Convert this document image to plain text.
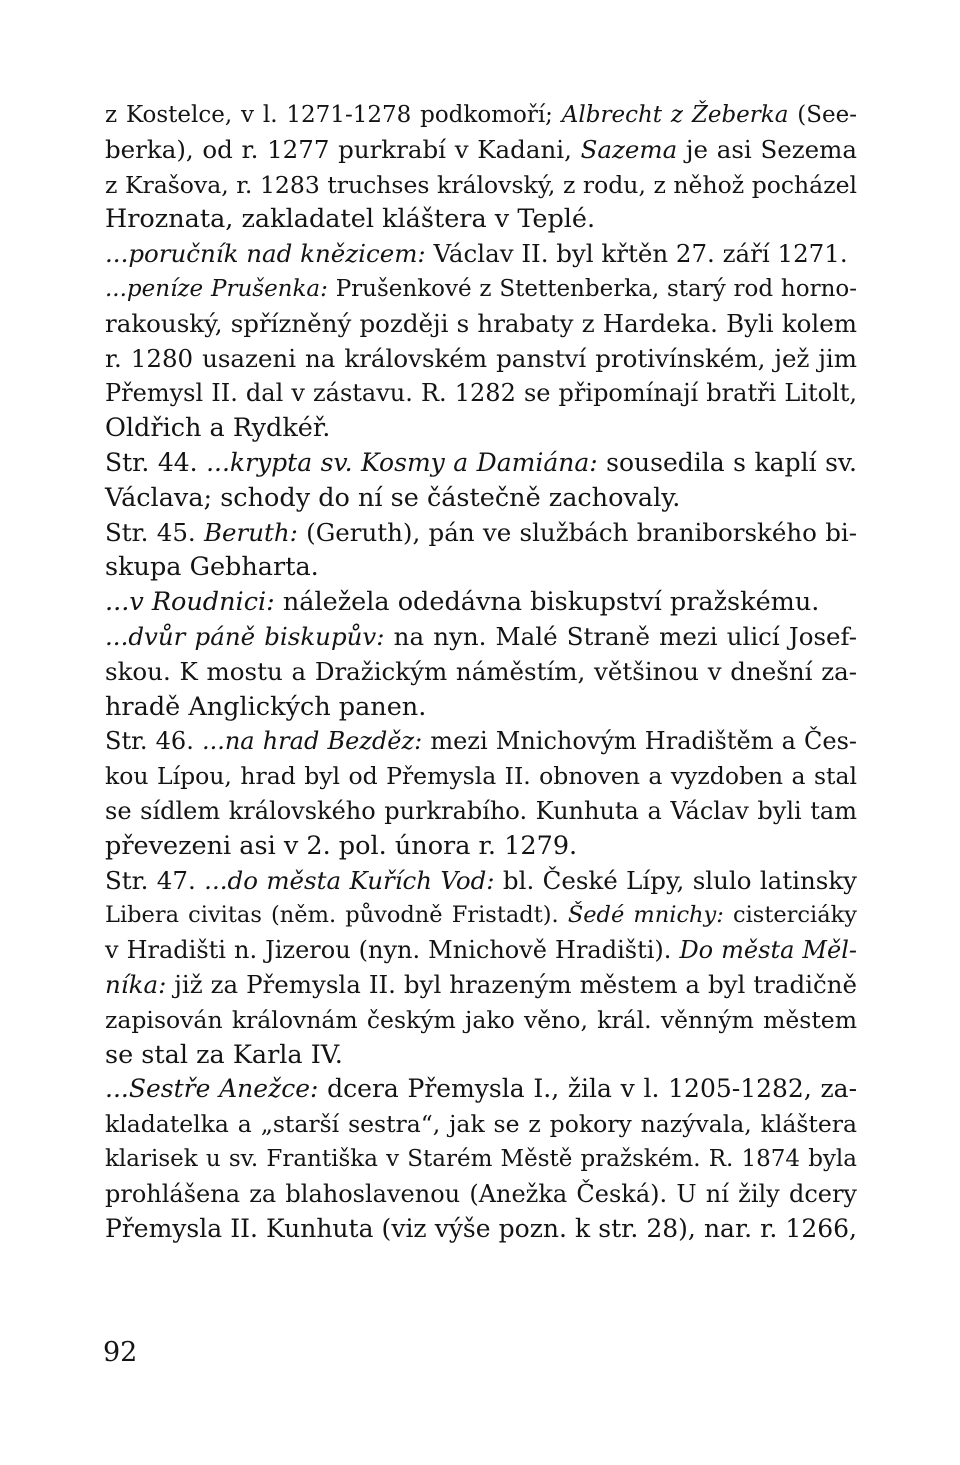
z Kostelce, v l. 1271-1278 podkomoří; Albrecht z Žeberka (See-
berka), od r. 1277 purkrabí v Kadani, Sazema je asi Sezema
z Krašova, r. 1283 truchses královský, z rodu, z něhož pocházel
Hroznata, zakladatel kláštera v Teplé.
...poručník nad knězicem: Václav II. byl křtěn 27. září 1271.
...peníze Prušenka: Prušenkové z Stettenberka, starý rod horno-
rakouský, spřízněný později s hrabaty z Hardeka. Byli kolem
r. 1280 usazeni na královském panství protivínském, jež jim
Přemysl II. dal v zástavu. R. 1282 se připomínají bratři Litolt,
Oldřich a Rydkéř.
Str. 44. ...krypta sv. Kosmy a Damiána: sousedila s kaplí sv.
Václava; schody do ní se částečně zachovaly.
Str. 45. Beruth: (Geruth), pán ve službách braniborského bi-
skupa Gebharta.
...v Roudnici: náležela odedávna biskupství pražskému.
...dvůr páně biskupův: na nyn. Malé Straně mezi ulicí Josef-
skou. K mostu a Dražickým náměstím, většinou v dnešní za-
hradě Anglických panen.
Str. 46. ...na hrad Bezděz: mezi Mnichovým Hradištěm a Čes-
kou Lípou, hrad byl od Přemysla II. obnoven a vyzdoben a stal
se sídlem královského purkrabího. Kunhuta a Václav byli tam
převezeni asi v 2. pol. února r. 1279.
Str. 47. ...do města Kuřích Vod: bl. České Lípy, slulo latinsky
Libera civitas (něm. původně Fristadt). Šedé mnichy: cisterciáky
v Hradišti n. Jizerou (nyn. Mnichově Hradišti). Do města Měl-
níka: již za Přemysla II. byl hrazeným městem a byl tradičně
zapisován královnám českým jako věno, král. věnným městem
se stal za Karla IV.
...Sestře Anežce: dcera Přemysla I., žila v l. 1205-1282, za-
kladatelka a „starší sestra“, jak se z pokory nazývala, kláštera
klarisek u sv. Františka v Starém Městě pražském. R. 1874 byla
prohlášena za blahoslavenou (Anežka Česká). U ní žily dcery
Přemysla II. Kunhuta (viz výše pozn. k str. 28), nar. r. 1266,
92
